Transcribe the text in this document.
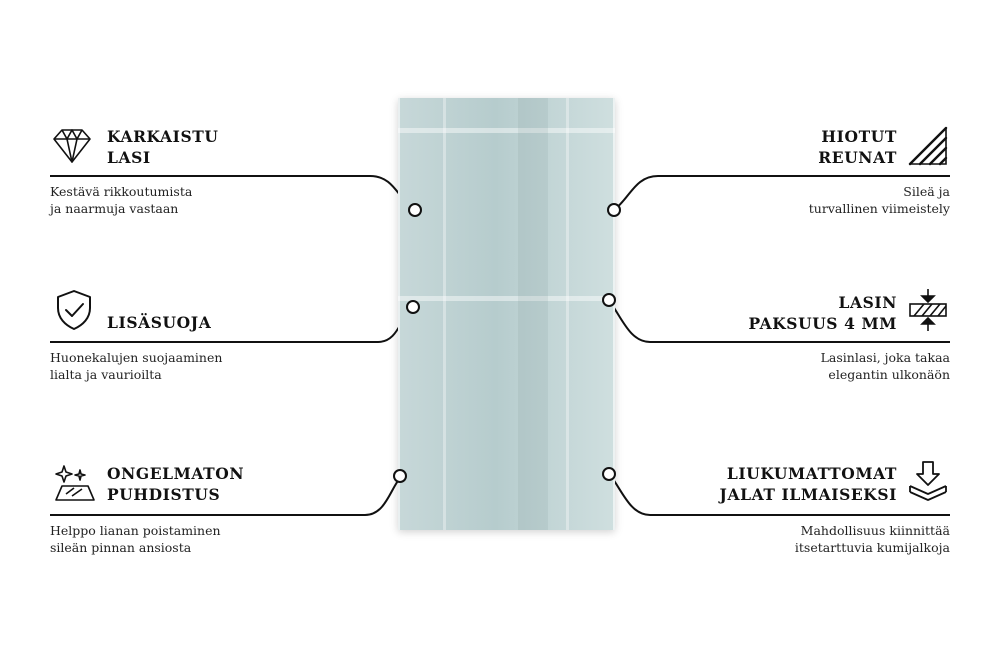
KARKAISTU
LASI
Kestävä rikkoutumista
ja naarmuja vastaan
LISÄSUOJA
Huonekalujen suojaaminen
lialta ja vaurioilta
ONGELMATON
PUHDISTUS
Helppo lianan poistaminen
sileän pinnan ansiosta
HIOTUT
REUNAT
Sileä ja
turvallinen viimeistely
LASIN
PAKSUUS 4 MM
Lasinlasi, joka takaa
elegantin ulkonäön
LIUKUMATTOMAT
JALAT ILMAISEKSI
Mahdollisuus kiinnittää
itsetarttuvia kumijalkoja
